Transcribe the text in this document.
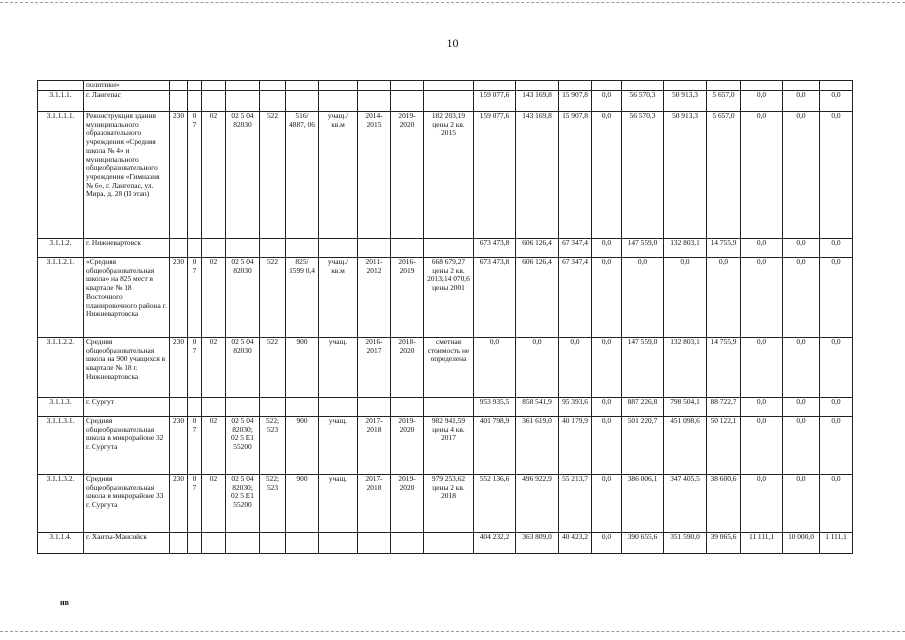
10
	политики»																				
3.1.1.1.	г. Лангепас											159 077,6	143 169,8	15 907,8	0,0	56 570,3	50 913,3	5 657,0	0,0	0,0	0,0
3.1.1.1.1.	Реконструкция здания муниципального образовательного учреждения «Средняя школа № 4» и муниципального общеобразовательного учреждения «Гимназия № 6», г. Лангепас, ул. Мира, д. 28 (II этап)	230	0 7	02	02 5 04 82030	522	516/ 4887, 06	учащ./ кв.м	2014-2015	2019-2020	182 203,19 цены 2 кв. 2015	159 077,6	143 169,8	15 907,8	0,0	56 570,3	50 913,3	5 657,0	0,0	0,0	0,0
3.1.1.2.	г. Нижневартовск											673 473,8	606 126,4	67 347,4	0,0	147 559,0	132 803,1	14 755,9	0,0	0,0	0,0
3.1.1.2.1.	«Средняя общеобразовательная школа» на 825 мест в квартале № 18 Восточного планировочного района г. Нижневартовска	230	0 7	02	02 5 04 82030	522	825/ 1599 0,4	учащ./ кв.м	2011-2012	2016-2019	668 679,27 цены 2 кв. 2013;14 070,6 цены 2001	673 473,8	606 126,4	67 347,4	0,0	0,0	0,0	0,0	0,0	0,0	0,0
3.1.1.2.2.	Средняя общеобразовательная школа на 900 учащихся в квартале № 18 г. Нижневартовска	230	0 7	02	02 5 04 82030	522	900	учащ.	2016-2017	2018-2020	сметная стоимость не определена	0,0	0,0	0,0	0,0	147 559,0	132 803,1	14 755,9	0,0	0,0	0,0
3.1.1.3.	г. Сургут											953 935,5	858 541,9	95 393,6	0,0	887 226,8	798 504,1	88 722,7	0,0	0,0	0,0
3.1.1.3.1.	Средняя общеобразовательная школа в микрорайоне 32 г. Сургута	230	0 7	02	02 5 04 82030; 02 5 E1 55200	522; 523	900	учащ.	2017-2018	2019-2020	982 941,59 цены 4 кв. 2017	401 798,9	361 619,0	40 179,9	0,0	501 220,7	451 098,6	50 122,1	0,0	0,0	0,0
3.1.1.3.2.	Средняя общеобразовательная школа в микрорайоне 33 г. Сургута	230	0 7	02	02 5 04 82030; 02 5 E1 55200	522; 523	900	учащ.	2017-2018	2019-2020	979 253,62 цены 2 кв. 2018	552 136,6	496 922,9	55 213,7	0,0	386 006,1	347 405,5	38 600,6	0,0	0,0	0,0
3.1.1.4.	г. Ханты-Мансийск											404 232,2	363 809,0	40 423,2	0,0	390 655,6	351 590,0	39 065,6	11 111,1	10 000,0	1 111,1
ив
